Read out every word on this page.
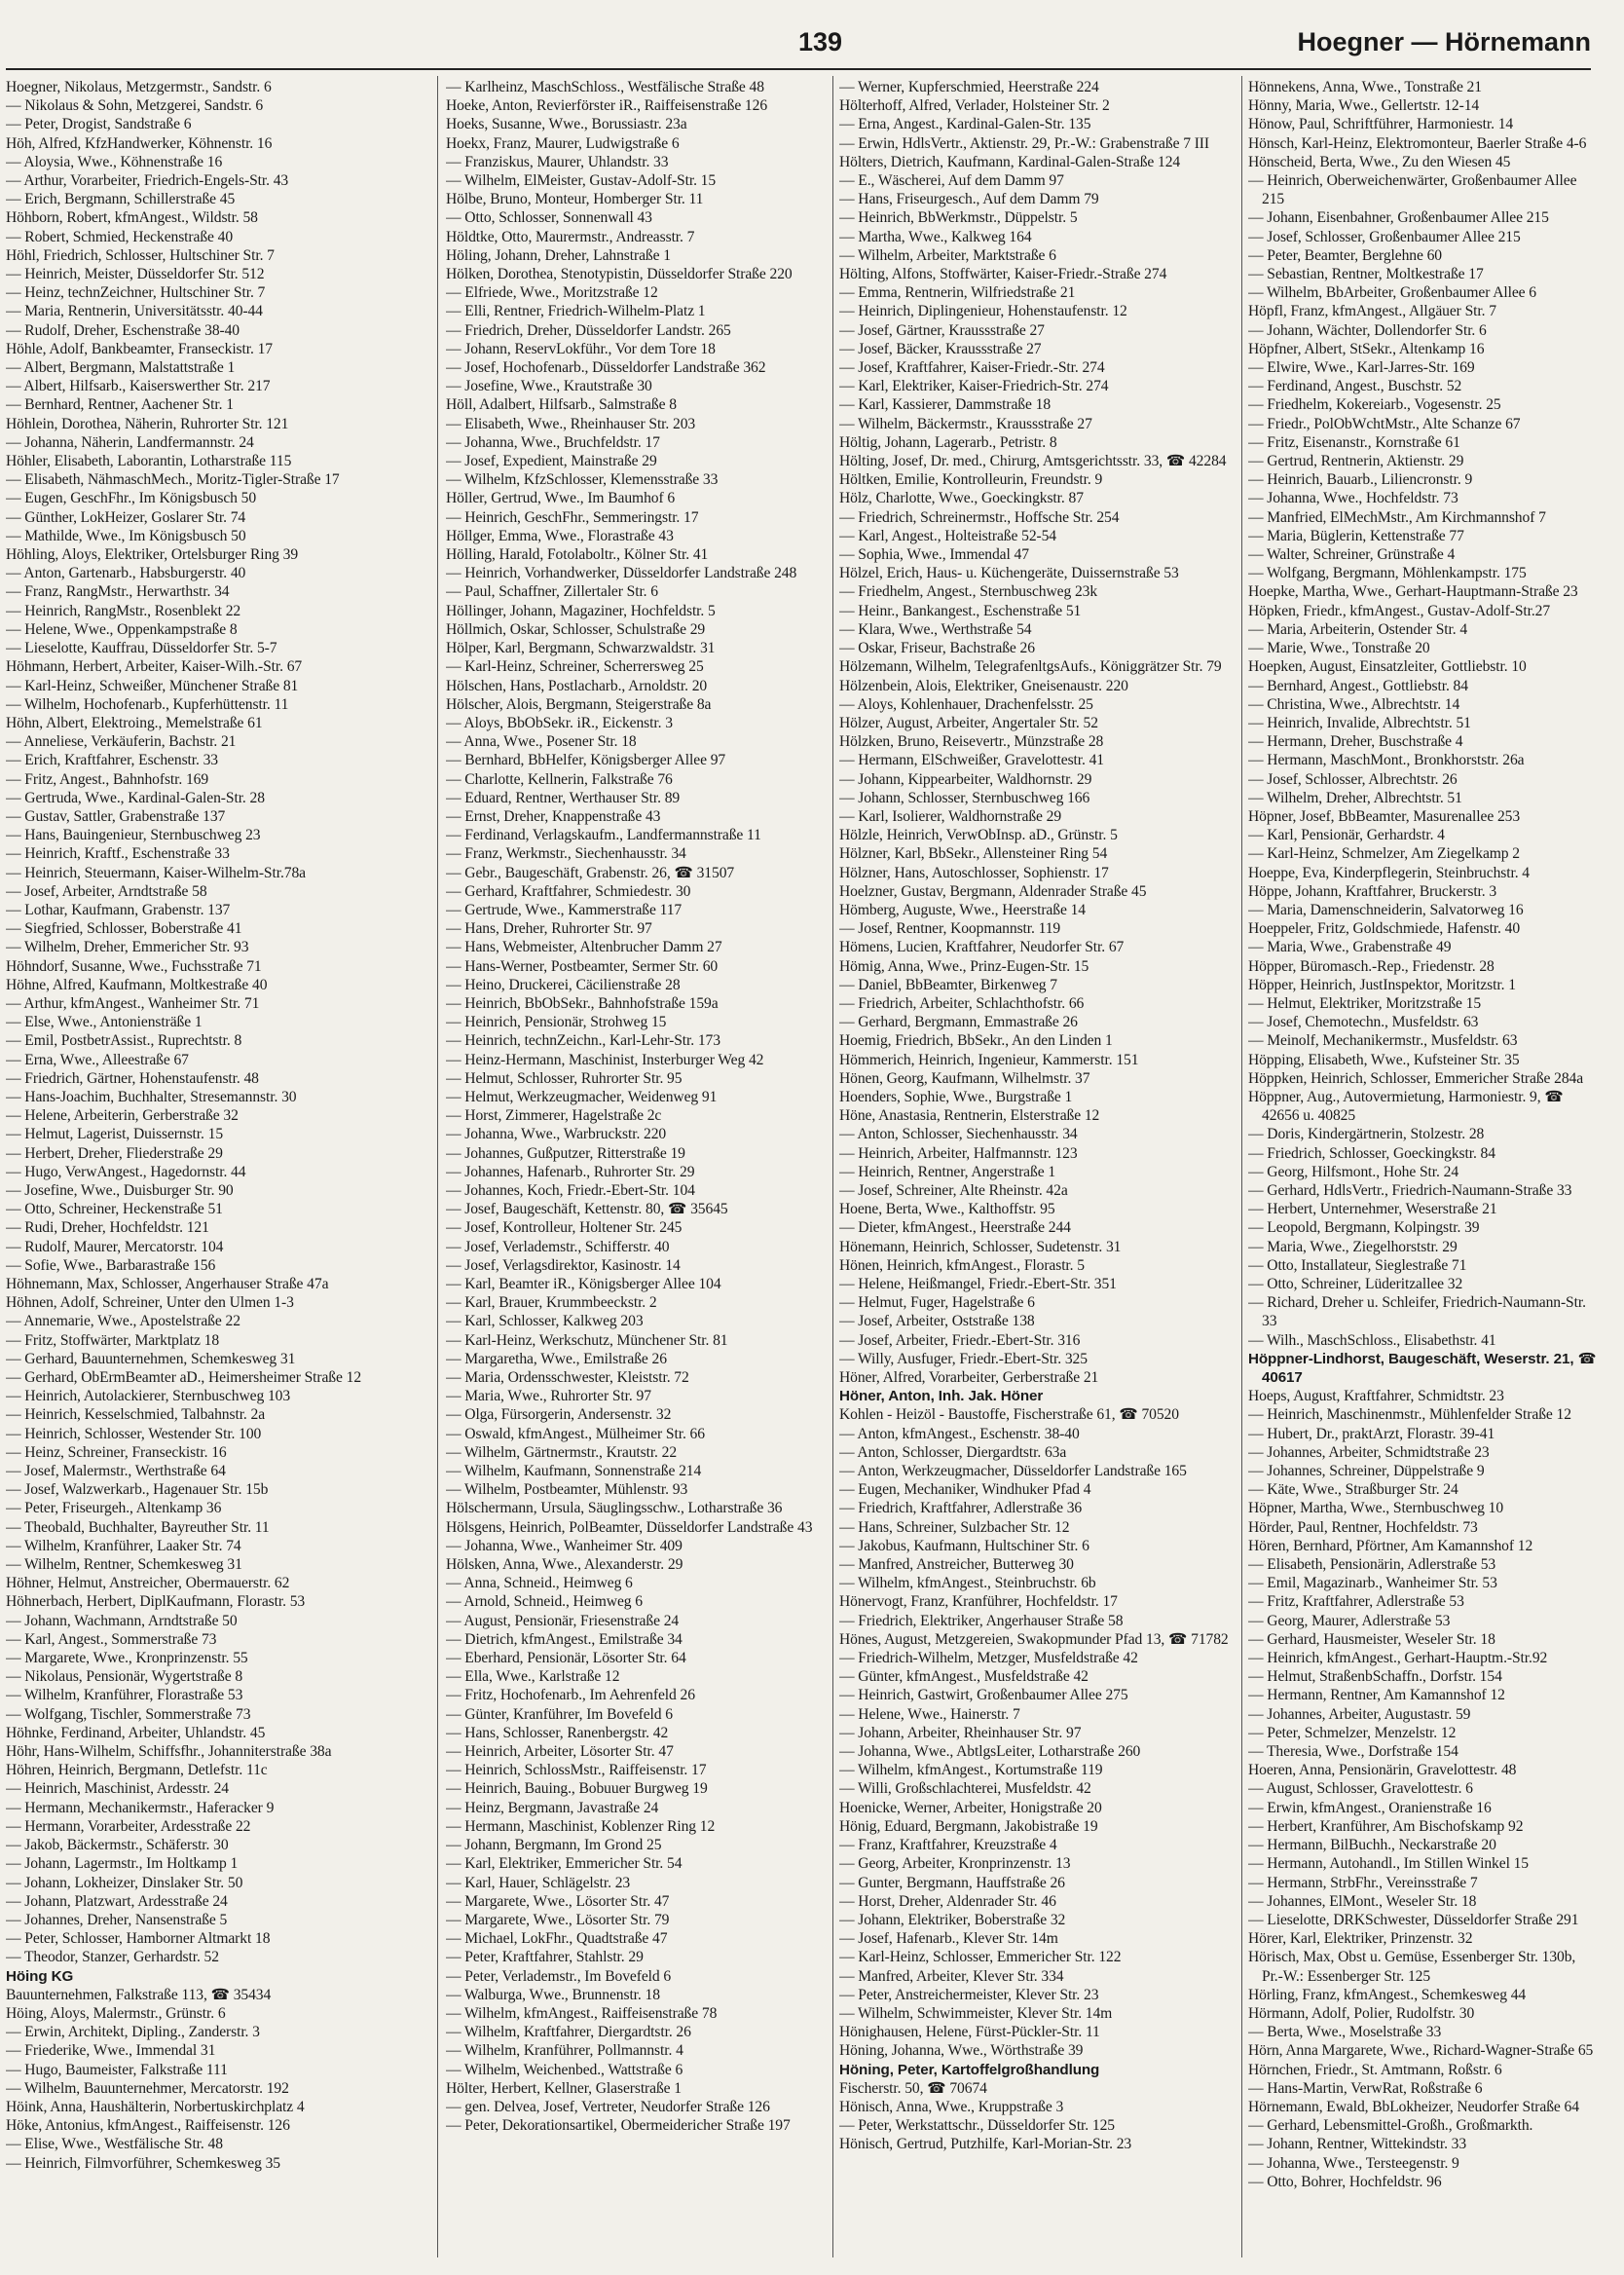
139	Hoegner — Hörnemann
Hoegner, Nikolaus, Metzgermstr., Sandstr. 6
— Nikolaus & Sohn, Metzgerei, Sandstr. 6
— Peter, Drogist, Sandstraße 6
Höh, Alfred, KfzHandwerker, Köhnenstr. 16
— Aloysia, Wwe., Köhnenstraße 16
— Arthur, Vorarbeiter, Friedrich-Engels-Str. 43
— Erich, Bergmann, Schillerstraße 45
Höhborn, Robert, kfmAngest., Wildstr. 58
— Robert, Schmied, Heckenstraße 40
Höhl, Friedrich, Schlosser, Hultschiner Str. 7
— Heinrich, Meister, Düsseldorfer Str. 512
— Heinz, technZeichner, Hultschiner Str. 7
— Maria, Rentnerin, Universitätsstr. 40-44
— Rudolf, Dreher, Eschenstraße 38-40
Höhle, Adolf, Bankbeamter, Franseckistr. 17
— Albert, Bergmann, Malstattstraße 1
— Albert, Hilfsarb., Kaiserswerther Str. 217
— Bernhard, Rentner, Aachener Str. 1
Höhlein, Dorothea, Näherin, Ruhrorter Str. 121
— Johanna, Näherin, Landfermannstr. 24
Höhler, Elisabeth, Laborantin, Lotharstraße 115
— Elisabeth, NähmaschMech., Moritz-Tigler-Straße 17
— Eugen, GeschFhr., Im Königsbusch 50
— Günther, LokHeizer, Goslarer Str. 74
— Mathilde, Wwe., Im Königsbusch 50
Höhling, Aloys, Elektriker, Ortelsburger Ring 39
— Anton, Gartenarb., Habsburgerstr. 40
— Franz, RangMstr., Herwarthstr. 34
— Heinrich, RangMstr., Rosenblekt 22
— Helene, Wwe., Oppenkampstraße 8
— Lieselotte, Kauffrau, Düsseldorfer Str. 5-7
Höhmann, Herbert, Arbeiter, Kaiser-Wilh.-Str. 67
— Karl-Heinz, Schweißer, Münchener Straße 81
— Wilhelm, Hochofenarb., Kupferhüttenstr. 11
Höhn, Albert, Elektroing., Memelstraße 61
— Anneliese, Verkäuferin, Bachstr. 21
— Erich, Kraftfahrer, Eschenstr. 33
— Fritz, Angest., Bahnhofstr. 169
— Gertruda, Wwe., Kardinal-Galen-Str. 28
— Gustav, Sattler, Grabenstraße 137
— Hans, Bauingenieur, Sternbuschweg 23
— Heinrich, Kraftf., Eschenstraße 33
— Heinrich, Steuermann, Kaiser-Wilhelm-Str.78a
— Josef, Arbeiter, Arndtstraße 58
— Lothar, Kaufmann, Grabenstr. 137
— Siegfried, Schlosser, Boberstraße 41
— Wilhelm, Dreher, Emmericher Str. 93
Höhndorf, Susanne, Wwe., Fuchsstraße 71
Höhne, Alfred, Kaufmann, Moltkestraße 40
— Arthur, kfmAngest., Wanheimer Str. 71
— Else, Wwe., Antoniensträße 1
— Emil, PostbetrAssist., Ruprechtstr. 8
— Erna, Wwe., Alleestraße 67
— Friedrich, Gärtner, Hohenstaufenstr. 48
— Hans-Joachim, Buchhalter, Stresemannstr. 30
— Helene, Arbeiterin, Gerberstraße 32
— Helmut, Lagerist, Duissernstr. 15
— Herbert, Dreher, Fliederstraße 29
— Hugo, VerwAngest., Hagedornstr. 44
— Josefine, Wwe., Duisburger Str. 90
— Otto, Schreiner, Heckenstraße 51
— Rudi, Dreher, Hochfeldstr. 121
— Rudolf, Maurer, Mercatorstr. 104
— Sofie, Wwe., Barbarastraße 156
Höhnemann, Max, Schlosser, Angerhauser Straße 47a
Höhnen, Adolf, Schreiner, Unter den Ulmen 1-3
— Annemarie, Wwe., Apostelstraße 22
— Fritz, Stoffwärter, Marktplatz 18
— Gerhard, Bauunternehmen, Schemkesweg 31
— Gerhard, ObErmBeamter aD., Heimersheimer Straße 12
— Heinrich, Autolackierer, Sternbuschweg 103
— Heinrich, Kesselschmied, Talbahnstr. 2a
— Heinrich, Schlosser, Westender Str. 100
— Heinz, Schreiner, Franseckistr. 16
— Josef, Malermstr., Werthstraße 64
— Josef, Walzwerkarb., Hagenauer Str. 15b
— Peter, Friseurgeh., Altenkamp 36
— Theobald, Buchhalter, Bayreuther Str. 11
— Wilhelm, Kranführer, Laaker Str. 74
— Wilhelm, Rentner, Schemkesweg 31
Höhner, Helmut, Anstreicher, Obermauerstr. 62
Höhnerbach, Herbert, DiplKaufmann, Florastr. 53
— Johann, Wachmann, Arndtstraße 50
— Karl, Angest., Sommerstraße 73
— Margarete, Wwe., Kronprinzenstr. 55
— Nikolaus, Pensionär, Wygertstraße 8
— Wilhelm, Kranführer, Florastraße 53
— Wolfgang, Tischler, Sommerstraße 73
Höhnke, Ferdinand, Arbeiter, Uhlandstr. 45
Höhr, Hans-Wilhelm, Schiffsfhr., Johanniterstraße 38a
Höhren, Heinrich, Bergmann, Detlefstr. 11c
— Heinrich, Maschinist, Ardesstr. 24
— Hermann, Mechanikermstr., Haferacker 9
— Hermann, Vorarbeiter, Ardesstraße 22
— Jakob, Bäckermstr., Schäferstr. 30
— Johann, Lagermstr., Im Holtkamp 1
— Johann, Lokheizer, Dinslaker Str. 50
— Johann, Platzwart, Ardesstraße 24
— Johannes, Dreher, Nansenstraße 5
— Peter, Schlosser, Hamborner Altmarkt 18
— Theodor, Stanzer, Gerhardstr. 52
Höing KG
Bauunternehmen, Falkstraße 113, ☎ 35434
Höing, Aloys, Malermstr., Grünstr. 6
— Erwin, Architekt, Dipling., Zanderstr. 3
— Friederike, Wwe., Immendal 31
— Hugo, Baumeister, Falkstraße 111
— Wilhelm, Bauunternehmer, Mercatorstr. 192
Höink, Anna, Haushälterin, Norbertuskirchplatz 4
Höke, Antonius, kfmAngest., Raiffeisenstr. 126
— Elise, Wwe., Westfälische Str. 48
— Heinrich, Filmvorführer, Schemkesweg 35
— Karlheinz, MaschSchloss., Westfälische Straße 48
Hoeke, Anton, Revierförster iR., Raiffeisenstraße 126
Hoeks, Susanne, Wwe., Borussiastr. 23a
Hoekx, Franz, Maurer, Ludwigstraße 6
— Franziskus, Maurer, Uhlandstr. 33
— Wilhelm, ElMeister, Gustav-Adolf-Str. 15
Hölbe, Bruno, Monteur, Homberger Str. 11
— Otto, Schlosser, Sonnenwall 43
Höldtke, Otto, Maurermstr., Andreasstr. 7
Höling, Johann, Dreher, Lahnstraße 1
Hölken, Dorothea, Stenotypistin, Düsseldorfer Straße 220
— Elfriede, Wwe., Moritzstraße 12
— Elli, Rentner, Friedrich-Wilhelm-Platz 1
— Friedrich, Dreher, Düsseldorfer Landstr. 265
— Johann, ReservLokführ., Vor dem Tore 18
— Josef, Hochofenarb., Düsseldorfer Landstraße 362
— Josefine, Wwe., Krautstraße 30
Höll, Adalbert, Hilfsarb., Salmstraße 8
— Elisabeth, Wwe., Rheinhauser Str. 203
— Johanna, Wwe., Bruchfeldstr. 17
— Josef, Expedient, Mainstraße 29
— Wilhelm, KfzSchlosser, Klemensstraße 33
Höller, Gertrud, Wwe., Im Baumhof 6
— Heinrich, GeschFhr., Semmeringstr. 17
Höllger, Emma, Wwe., Florastraße 43
Hölling, Harald, Fotolaboltr., Kölner Str. 41
— Heinrich, Vorhandwerker, Düsseldorfer Landstraße 248
— Paul, Schaffner, Zillertaler Str. 6
Höllinger, Johann, Magaziner, Hochfeldstr. 5
Höllmich, Oskar, Schlosser, Schulstraße 29
Hölper, Karl, Bergmann, Schwarzwaldstr. 31
— Karl-Heinz, Schreiner, Scherrersweg 25
Hölschen, Hans, Postlacharb., Arnoldstr. 20
Hölscher, Alois, Bergmann, Steigerstraße 8a
— Aloys, BbObSekr. iR., Eickenstr. 3
— Anna, Wwe., Posener Str. 18
— Bernhard, BbHelfer, Königsberger Allee 97
— Charlotte, Kellnerin, Falkstraße 76
— Eduard, Rentner, Werthauser Str. 89
— Ernst, Dreher, Knappenstraße 43
— Ferdinand, Verlagskaufm., Landfermannstraße 11
— Franz, Werkmstr., Siechenhausstr. 34
— Gebr., Baugeschäft, Grabenstr. 26, ☎ 31507
— Gerhard, Kraftfahrer, Schmiedestr. 30
— Gertrude, Wwe., Kammerstraße 117
— Hans, Dreher, Ruhrorter Str. 97
— Hans, Webmeister, Altenbrucher Damm 27
— Hans-Werner, Postbeamter, Sermer Str. 60
— Heino, Druckerei, Cäcilienstraße 28
— Heinrich, BbObSekr., Bahnhofstraße 159a
— Heinrich, Pensionär, Strohweg 15
— Heinrich, technZeichn., Karl-Lehr-Str. 173
— Heinz-Hermann, Maschinist, Insterburger Weg 42
— Helmut, Schlosser, Ruhrorter Str. 95
— Helmut, Werkzeugmacher, Weidenweg 91
— Horst, Zimmerer, Hagelstraße 2c
— Johanna, Wwe., Warbruckstr. 220
— Johannes, Gußputzer, Ritterstraße 19
— Johannes, Hafenarb., Ruhrorter Str. 29
— Johannes, Koch, Friedr.-Ebert-Str. 104
— Josef, Baugeschäft, Kettenstr. 80, ☎ 35645
— Josef, Kontrolleur, Holtener Str. 245
— Josef, Verlademstr., Schifferstr. 40
— Josef, Verlagsdirektor, Kasinostr. 14
— Karl, Beamter iR., Königsberger Allee 104
— Karl, Brauer, Krummbeeckstr. 2
— Karl, Schlosser, Kalkweg 203
— Karl-Heinz, Werkschutz, Münchener Str. 81
— Margaretha, Wwe., Emilstraße 26
— Maria, Ordensschwester, Kleiststr. 72
— Maria, Wwe., Ruhrorter Str. 97
— Olga, Fürsorgerin, Andersenstr. 32
— Oswald, kfmAngest., Mülheimer Str. 66
— Wilhelm, Gärtnermstr., Krautstr. 22
— Wilhelm, Kaufmann, Sonnenstraße 214
— Wilhelm, Postbeamter, Mühlenstr. 93
Hölschermann, Ursula, Säuglingsschw., Lotharstraße 36
Hölsgens, Heinrich, PolBeamter, Düsseldorfer Landstraße 43
— Johanna, Wwe., Wanheimer Str. 409
Hölsken, Anna, Wwe., Alexanderstr. 29
— Anna, Schneid., Heimweg 6
— Arnold, Schneid., Heimweg 6
— August, Pensionär, Friesenstraße 24
— Dietrich, kfmAngest., Emilstraße 34
— Eberhard, Pensionär, Lösorter Str. 64
— Ella, Wwe., Karlstraße 12
— Fritz, Hochofenarb., Im Aehrenfeld 26
— Günter, Kranführer, Im Bovefeld 6
— Hans, Schlosser, Ranenbergstr. 42
— Heinrich, Arbeiter, Lösorter Str. 47
— Heinrich, SchlossMstr., Raiffeisenstr. 17
— Heinrich, Bauing., Bobuuer Burgweg 19
— Heinz, Bergmann, Javastraße 24
— Hermann, Maschinist, Koblenzer Ring 12
— Johann, Bergmann, Im Grond 25
— Karl, Elektriker, Emmericher Str. 54
— Karl, Hauer, Schlägelstr. 23
— Margarete, Wwe., Lösorter Str. 47
— Margarete, Wwe., Lösorter Str. 79
— Michael, LokFhr., Quadtstraße 47
— Peter, Kraftfahrer, Stahlstr. 29
— Peter, Verlademstr., Im Bovefeld 6
— Walburga, Wwe., Brunnenstr. 18
— Wilhelm, kfmAngest., Raiffeisenstraße 78
— Wilhelm, Kraftfahrer, Diergardtstr. 26
— Wilhelm, Kranführer, Pollmannstr. 4
— Wilhelm, Weichenbed., Wattstraße 6
Hölter, Herbert, Kellner, Glaserstraße 1
— gen. Delvea, Josef, Vertreter, Neudorfer Straße 126
— Peter, Dekorationsartikel, Obermeidericher Straße 197
— Werner, Kupferschmied, Heerstraße 224
Hölterhoff, Alfred, Verlader, Holsteiner Str. 2
— Erna, Angest., Kardinal-Galen-Str. 135
— Erwin, HdlsVertr., Aktienstr. 29, Pr.-W.: Grabenstraße 7 III
Hölters, Dietrich, Kaufmann, Kardinal-Galen-Straße 124
— E., Wäscherei, Auf dem Damm 97
— Hans, Friseurgesch., Auf dem Damm 79
— Heinrich, BbWerkmstr., Düppelstr. 5
— Martha, Wwe., Kalkweg 164
— Wilhelm, Arbeiter, Marktstraße 6
Hölting, Alfons, Stoffwärter, Kaiser-Friedr.-Straße 274
— Emma, Rentnerin, Wilfriedstraße 21
— Heinrich, Diplingenieur, Hohenstaufenstr. 12
— Josef, Gärtner, Kraussstraße 27
— Josef, Bäcker, Kraussstraße 27
— Josef, Kraftfahrer, Kaiser-Friedr.-Str. 274
— Karl, Elektriker, Kaiser-Friedrich-Str. 274
— Karl, Kassierer, Dammstraße 18
— Wilhelm, Bäckermstr., Kraussstraße 27
Höltig, Johann, Lagerarb., Petristr. 8
Hölting, Josef, Dr. med., Chirurg, Amtsgerichtsstr. 33, ☎ 42284
Höltken, Emilie, Kontrolleurin, Freundstr. 9
Hölz, Charlotte, Wwe., Goeckingkstr. 87
— Friedrich, Schreinermstr., Hoffsche Str. 254
— Karl, Angest., Holteistraße 52-54
— Sophia, Wwe., Immendal 47
Hölzel, Erich, Haus- u. Küchengeräte, Duissernstraße 53
— Friedhelm, Angest., Sternbuschweg 23k
— Heinr., Bankangest., Eschenstraße 51
— Klara, Wwe., Werthstraße 54
— Oskar, Friseur, Bachstraße 26
Hölzemann, Wilhelm, TelegrafenltgsAufs., Königgrätzer Str. 79
Hölzenbein, Alois, Elektriker, Gneisenaustr. 220
— Aloys, Kohlenhauer, Drachenfelsstr. 25
Hölzer, August, Arbeiter, Angertaler Str. 52
Hölzken, Bruno, Reisevertr., Münzstraße 28
— Hermann, ElSchweißer, Gravelottestr. 41
— Johann, Kippearbeiter, Waldhornstr. 29
— Johann, Schlosser, Sternbuschweg 166
— Karl, Isolierer, Waldhornstraße 29
Hölzle, Heinrich, VerwObInsp. aD., Grünstr. 5
Hölzner, Karl, BbSekr., Allensteiner Ring 54
Hölzner, Hans, Autoschlosser, Sophienstr. 17
Hoelzner, Gustav, Bergmann, Aldenrader Straße 45
Hömberg, Auguste, Wwe., Heerstraße 14
— Josef, Rentner, Koopmannstr. 119
Hömens, Lucien, Kraftfahrer, Neudorfer Str. 67
Hömig, Anna, Wwe., Prinz-Eugen-Str. 15
— Daniel, BbBeamter, Birkenweg 7
— Friedrich, Arbeiter, Schlachthofstr. 66
— Gerhard, Bergmann, Emmastraße 26
Hoemig, Friedrich, BbSekr., An den Linden 1
Hömmerich, Heinrich, Ingenieur, Kammerstr. 151
Hönen, Georg, Kaufmann, Wilhelmstr. 37
Hoenders, Sophie, Wwe., Burgstraße 1
Höne, Anastasia, Rentnerin, Elsterstraße 12
— Anton, Schlosser, Siechenhausstr. 34
— Heinrich, Arbeiter, Halfmannstr. 123
— Heinrich, Rentner, Angerstraße 1
— Josef, Schreiner, Alte Rheinstr. 42a
Hoene, Berta, Wwe., Kalthoffstr. 95
— Dieter, kfmAngest., Heerstraße 244
Hönemann, Heinrich, Schlosser, Sudetenstr. 31
Hönen, Heinrich, kfmAngest., Florastr. 5
— Helene, Heißmangel, Friedr.-Ebert-Str. 351
— Helmut, Fuger, Hagelstraße 6
— Josef, Arbeiter, Oststraße 138
— Josef, Arbeiter, Friedr.-Ebert-Str. 316
— Willy, Ausfuger, Friedr.-Ebert-Str. 325
Höner, Alfred, Vorarbeiter, Gerberstraße 21
Höner, Anton, Inh. Jak. Höner
Kohlen - Heizöl - Baustoffe, Fischerstraße 61, ☎ 70520
— Anton, kfmAngest., Eschenstr. 38-40
— Anton, Schlosser, Diergardtstr. 63a
— Anton, Werkzeugmacher, Düsseldorfer Landstraße 165
— Eugen, Mechaniker, Windhuker Pfad 4
— Friedrich, Kraftfahrer, Adlerstraße 36
— Hans, Schreiner, Sulzbacher Str. 12
— Jakobus, Kaufmann, Hultschiner Str. 6
— Manfred, Anstreicher, Butterweg 30
— Wilhelm, kfmAngest., Steinbruchstr. 6b
Hönervogt, Franz, Kranführer, Hochfeldstr. 17
— Friedrich, Elektriker, Angerhauser Straße 58
Hönes, August, Metzgereien, Swakopmunder Pfad 13, ☎ 71782
— Friedrich-Wilhelm, Metzger, Musfeldstraße 42
— Günter, kfmAngest., Musfeldstraße 42
— Heinrich, Gastwirt, Großenbaumer Allee 275
— Helene, Wwe., Hainerstr. 7
— Johann, Arbeiter, Rheinhauser Str. 97
— Johanna, Wwe., AbtlgsLeiter, Lotharstraße 260
— Wilhelm, kfmAngest., Kortumstraße 119
— Willi, Großschlachterei, Musfeldstr. 42
Hoenicke, Werner, Arbeiter, Honigstraße 20
Hönig, Eduard, Bergmann, Jakobistraße 19
— Franz, Kraftfahrer, Kreuzstraße 4
— Georg, Arbeiter, Kronprinzenstr. 13
— Gunter, Bergmann, Hauffstraße 26
— Horst, Dreher, Aldenrader Str. 46
— Johann, Elektriker, Boberstraße 32
— Josef, Hafenarb., Klever Str. 14m
— Karl-Heinz, Schlosser, Emmericher Str. 122
— Manfred, Arbeiter, Klever Str. 334
— Peter, Anstreichermeister, Klever Str. 23
— Wilhelm, Schwimmeister, Klever Str. 14m
Hönighausen, Helene, Fürst-Pückler-Str. 11
Höning, Johanna, Wwe., Wörthstraße 39
Höning, Peter, Kartoffelgroßhandlung
Fischerstr. 50, ☎ 70674
Hönisch, Anna, Wwe., Kruppstraße 3
— Peter, Werkstattschr., Düsseldorfer Str. 125
Hönisch, Gertrud, Putzhilfe, Karl-Morian-Str. 23
Hönnekens, Anna, Wwe., Tonstraße 21
Hönny, Maria, Wwe., Gellertstr. 12-14
Hönow, Paul, Schriftführer, Harmoniestr. 14
Hönsch, Karl-Heinz, Elektromonteur, Baerler Straße 4-6
Hönscheid, Berta, Wwe., Zu den Wiesen 45
— Heinrich, Oberweichenwärter, Großenbaumer Allee 215
— Johann, Eisenbahner, Großenbaumer Allee 215
— Josef, Schlosser, Großenbaumer Allee 215
— Peter, Beamter, Berglehne 60
— Sebastian, Rentner, Moltkestraße 17
— Wilhelm, BbArbeiter, Großenbaumer Allee 6
Höpfl, Franz, kfmAngest., Allgäuer Str. 7
— Johann, Wächter, Dollendorfer Str. 6
Höpfner, Albert, StSekr., Altenkamp 16
— Elwire, Wwe., Karl-Jarres-Str. 169
— Ferdinand, Angest., Buschstr. 52
— Friedhelm, Kokereiarb., Vogesenstr. 25
— Friedr., PolObWchtMstr., Alte Schanze 67
— Fritz, Eisenanstr., Kornstraße 61
— Gertrud, Rentnerin, Aktienstr. 29
— Heinrich, Bauarb., Liliencronstr. 9
— Johanna, Wwe., Hochfeldstr. 73
— Manfried, ElMechMstr., Am Kirchmannshof 7
— Maria, Büglerin, Kettenstraße 77
— Walter, Schreiner, Grünstraße 4
— Wolfgang, Bergmann, Möhlenkampstr. 175
Hoepke, Martha, Wwe., Gerhart-Hauptmann-Straße 23
Höpken, Friedr., kfmAngest., Gustav-Adolf-Str.27
— Maria, Arbeiterin, Ostender Str. 4
— Marie, Wwe., Tonstraße 20
Hoepken, August, Einsatzleiter, Gottliebstr. 10
— Bernhard, Angest., Gottliebstr. 84
— Christina, Wwe., Albrechtstr. 14
— Heinrich, Invalide, Albrechtstr. 51
— Hermann, Dreher, Buschstraße 4
— Hermann, MaschMont., Bronkhorststr. 26a
— Josef, Schlosser, Albrechtstr. 26
— Wilhelm, Dreher, Albrechtstr. 51
Höpner, Josef, BbBeamter, Masurenallee 253
— Karl, Pensionär, Gerhardstr. 4
— Karl-Heinz, Schmelzer, Am Ziegelkamp 2
Hoeppe, Eva, Kinderpflegerin, Steinbruchstr. 4
Höppe, Johann, Kraftfahrer, Bruckerstr. 3
— Maria, Damenschneiderin, Salvatorweg 16
Hoeppeler, Fritz, Goldschmiede, Hafenstr. 40
— Maria, Wwe., Grabenstraße 49
Höpper, Büromasch.-Rep., Friedenstr. 28
Höpper, Heinrich, JustInspektor, Moritzstr. 1
— Helmut, Elektriker, Moritzstraße 15
— Josef, Chemotechn., Musfeldstr. 63
— Meinolf, Mechanikermstr., Musfeldstr. 63
Höpping, Elisabeth, Wwe., Kufsteiner Str. 35
Höppken, Heinrich, Schlosser, Emmericher Straße 284a
Höppner, Aug., Autovermietung, Harmoniestr. 9, ☎ 42656 u. 40825
— Doris, Kindergärtnerin, Stolzestr. 28
— Friedrich, Schlosser, Goeckingkstr. 84
— Georg, Hilfsmont., Hohe Str. 24
— Gerhard, HdlsVertr., Friedrich-Naumann-Straße 33
— Herbert, Unternehmer, Weserstraße 21
— Leopold, Bergmann, Kolpingstr. 39
— Maria, Wwe., Ziegelhorststr. 29
— Otto, Installateur, Sieglestraße 71
— Otto, Schreiner, Lüderitzallee 32
— Richard, Dreher u. Schleifer, Friedrich-Naumann-Str. 33
— Wilh., MaschSchloss., Elisabethstr. 41
Höppner-Lindhorst, Baugeschäft, Weserstr. 21, ☎ 40617
Hoeps, August, Kraftfahrer, Schmidtstr. 23
— Heinrich, Maschinenmstr., Mühlenfelder Straße 12
— Hubert, Dr., praktArzt, Florastr. 39-41
— Johannes, Arbeiter, Schmidtstraße 23
— Johannes, Schreiner, Düppelstraße 9
— Käte, Wwe., Straßburger Str. 24
Höpner, Martha, Wwe., Sternbuschweg 10
Hörder, Paul, Rentner, Hochfeldstr. 73
Hören, Bernhard, Pförtner, Am Kamannshof 12
— Elisabeth, Pensionärin, Adlerstraße 53
— Emil, Magazinarb., Wanheimer Str. 53
— Fritz, Kraftfahrer, Adlerstraße 53
— Georg, Maurer, Adlerstraße 53
— Gerhard, Hausmeister, Weseler Str. 18
— Heinrich, kfmAngest., Gerhart-Hauptm.-Str.92
— Helmut, StraßenbSchaffn., Dorfstr. 154
— Hermann, Rentner, Am Kamannshof 12
— Johannes, Arbeiter, Augustastr. 59
— Peter, Schmelzer, Menzelstr. 12
— Theresia, Wwe., Dorfstraße 154
Hoeren, Anna, Pensionärin, Gravelottestr. 48
— August, Schlosser, Gravelottestr. 6
— Erwin, kfmAngest., Oranienstraße 16
— Herbert, Kranführer, Am Bischofskamp 92
— Hermann, BilBuchh., Neckarstraße 20
— Hermann, Autohandl., Im Stillen Winkel 15
— Hermann, StrbFhr., Vereinsstraße 7
— Johannes, ElMont., Weseler Str. 18
— Lieselotte, DRKSchwester, Düsseldorfer Straße 291
Hörer, Karl, Elektriker, Prinzenstr. 32
Hörisch, Max, Obst u. Gemüse, Essenberger Str. 130b, Pr.-W.: Essenberger Str. 125
Hörling, Franz, kfmAngest., Schemkesweg 44
Hörmann, Adolf, Polier, Rudolfstr. 30
— Berta, Wwe., Moselstraße 33
Hörn, Anna Margarete, Wwe., Richard-Wagner-Straße 65
Hörnchen, Friedr., St. Amtmann, Roßstr. 6
— Hans-Martin, VerwRat, Roßstraße 6
Hörnemann, Ewald, BbLokheizer, Neudorfer Straße 64
— Gerhard, Lebensmittel-Großh., Großmarkth.
— Johann, Rentner, Wittekindstr. 33
— Johanna, Wwe., Tersteegenstr. 9
— Otto, Bohrer, Hochfeldstr. 96
